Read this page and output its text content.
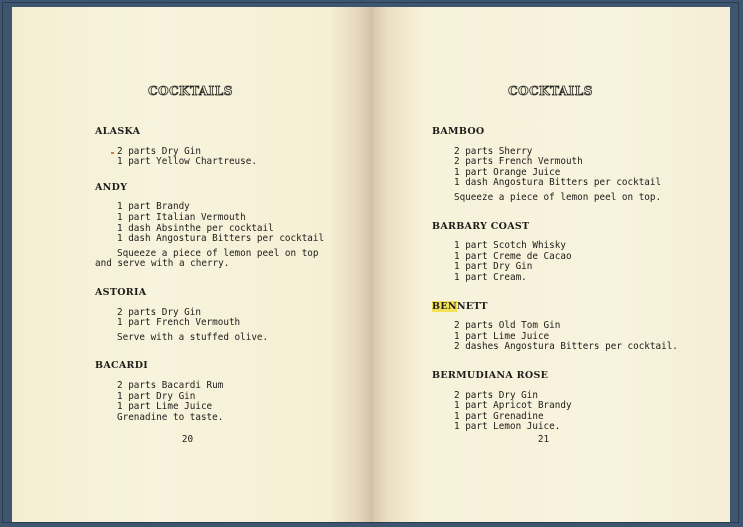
COCKTAILS
ALASKA
2 parts Dry Gin
1 part Yellow Chartreuse.
ANDY
1 part Brandy
1 part Italian Vermouth
1 dash Absinthe per cocktail
1 dash Angostura Bitters per cocktail
Squeeze a piece of lemon peel on top and serve with a cherry.
ASTORIA
2 parts Dry Gin
1 part French Vermouth
Serve with a stuffed olive.
BACARDI
2 parts Bacardi Rum
1 part Dry Gin
1 part Lime Juice
Grenadine to taste.
20
COCKTAILS
BAMBOO
2 parts Sherry
2 parts French Vermouth
1 part Orange Juice
1 dash Angostura Bitters per cocktail
Squeeze a piece of lemon peel on top.
BARBARY COAST
1 part Scotch Whisky
1 part Creme de Cacao
1 part Dry Gin
1 part Cream.
BENNETT
2 parts Old Tom Gin
1 part Lime Juice
2 dashes Angostura Bitters per cocktail.
BERMUDIANA ROSE
2 parts Dry Gin
1 part Apricot Brandy
1 part Grenadine
1 part Lemon Juice.
21
